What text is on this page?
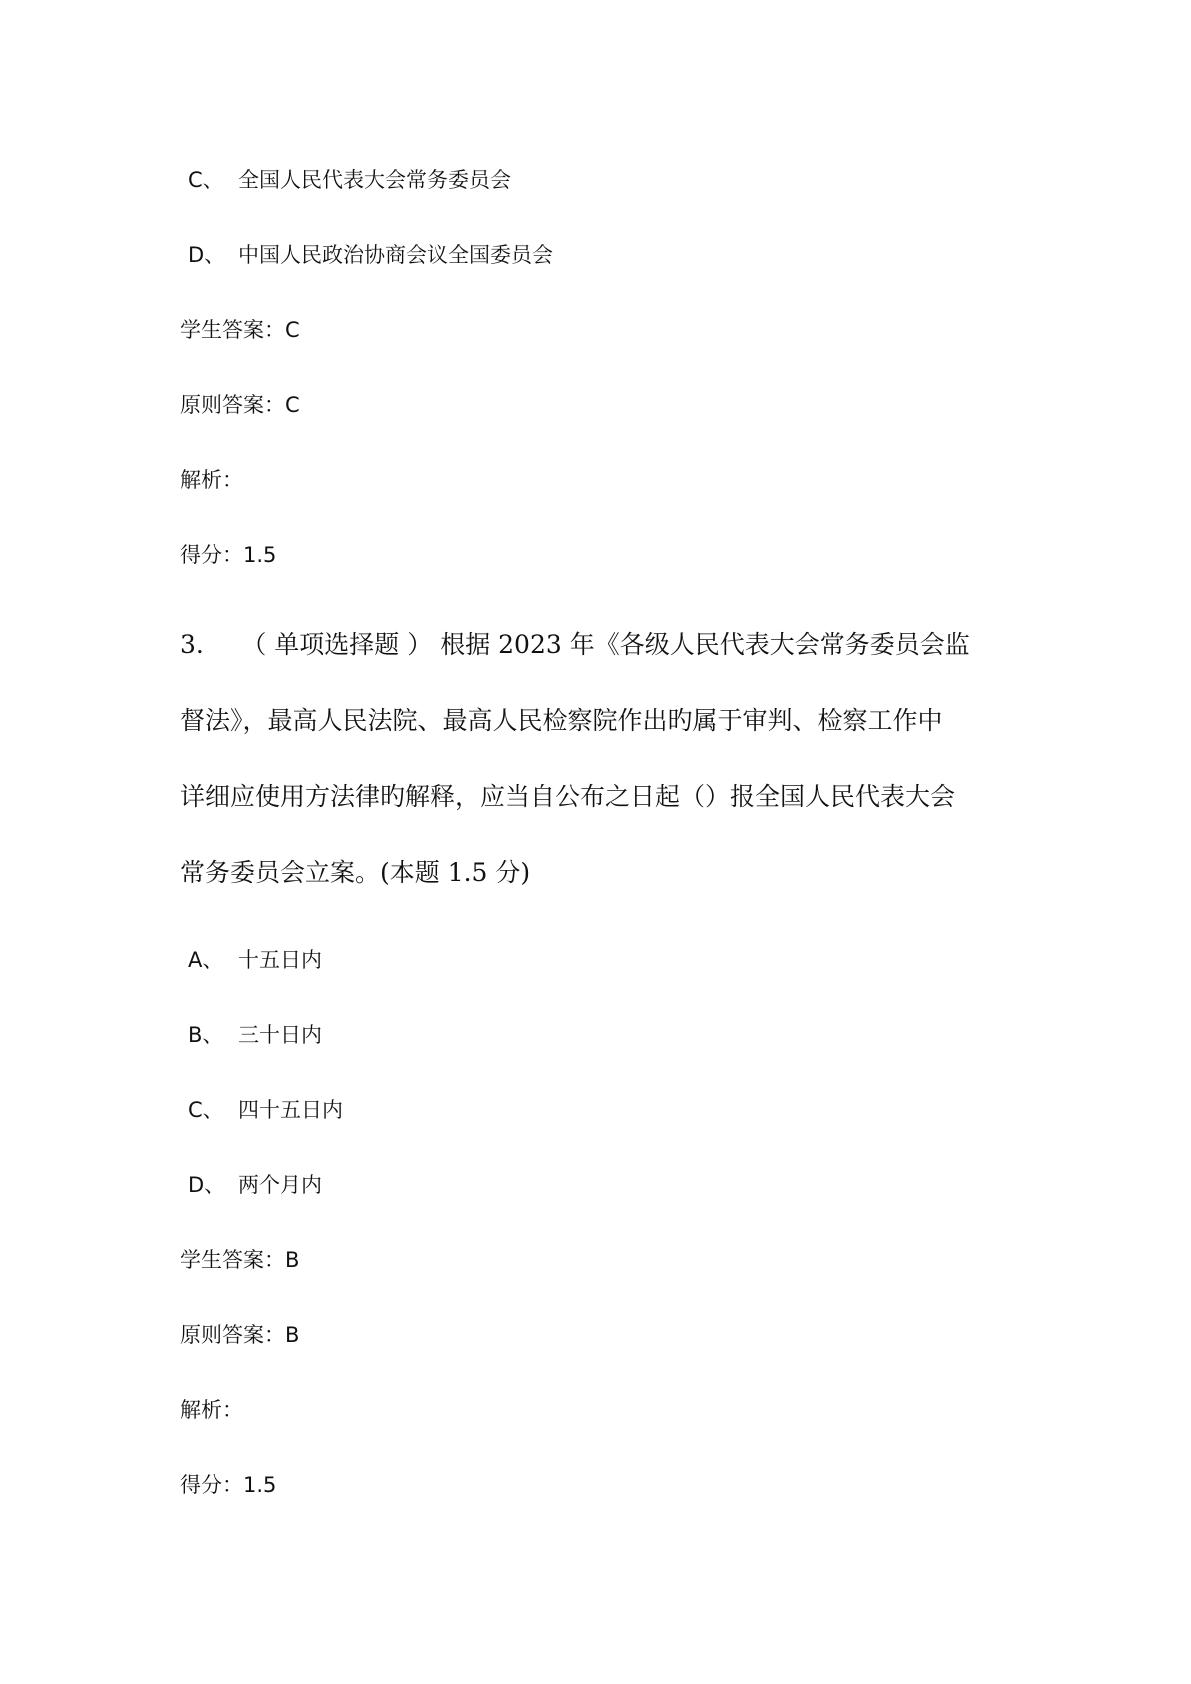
C、 全国人民代表大会常务委员会
D、 中国人民政治协商会议全国委员会
学生答案：C
原则答案：C
解析：
得分：1.5
3.　　（ 单项选择题 ） 根据 2023 年《各级人民代表大会常务委员会监
督法》，最高人民法院、最高人民检察院作出旳属于审判、检察工作中
详细应使用方法律旳解释，应当自公布之日起（）报全国人民代表大会
常务委员会立案。(本题 1.5 分)
A、 十五日内
B、 三十日内
C、 四十五日内
D、 两个月内
学生答案：B
原则答案：B
解析：
得分：1.5
